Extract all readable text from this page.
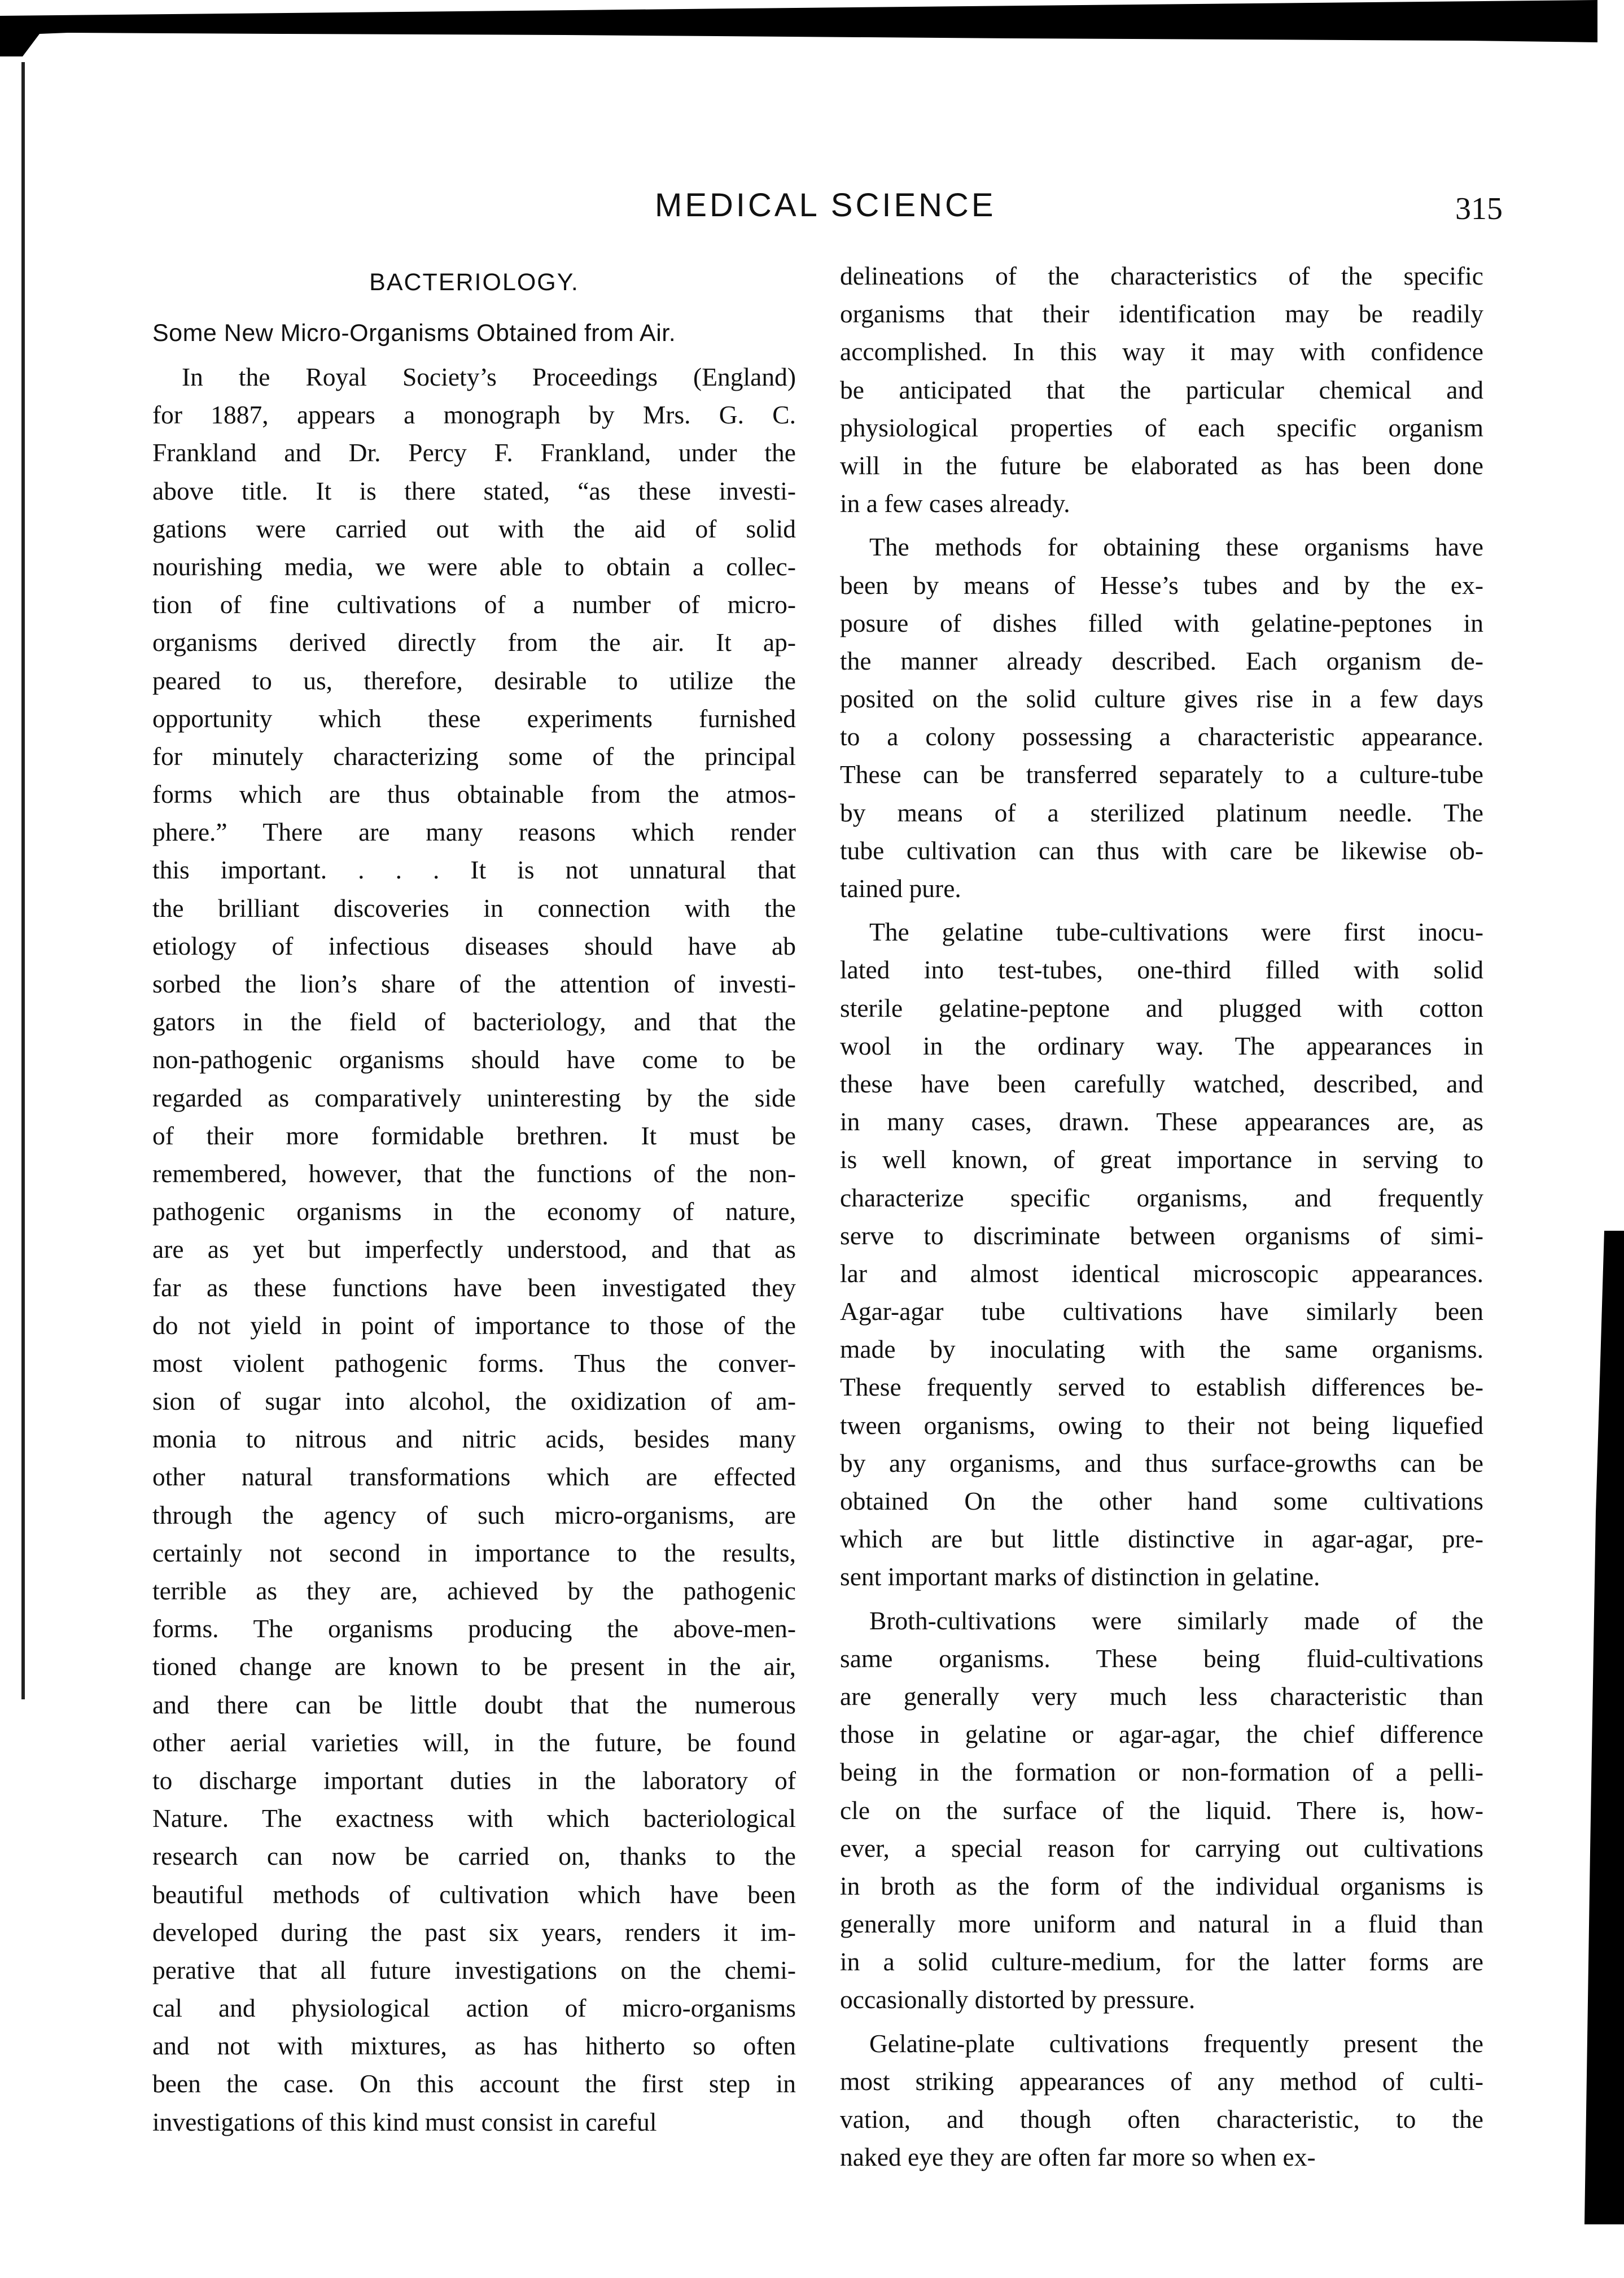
MEDICAL SCIENCE	315
BACTERIOLOGY.
Some New Micro-Organisms Obtained from Air.
In the Royal Society’s Proceedings (England)
for 1887, appears a monograph by Mrs. G. C.
Frankland and Dr. Percy F. Frankland, under the
above title. It is there stated, “as these investi-
gations were carried out with the aid of solid
nourishing media, we were able to obtain a collec-
tion of fine cultivations of a number of micro-
organisms derived directly from the air. It ap-
peared to us, therefore, desirable to utilize the
opportunity which these experiments furnished
for minutely characterizing some of the principal
forms which are thus obtainable from the atmos-
phere.” There are many reasons which render
this important. . . . It is not unnatural that
the brilliant discoveries in connection with the
etiology of infectious diseases should have ab
sorbed the lion’s share of the attention of investi-
gators in the field of bacteriology, and that the
non-pathogenic organisms should have come to be
regarded as comparatively uninteresting by the side
of their more formidable brethren. It must be
remembered, however, that the functions of the non-
pathogenic organisms in the economy of nature,
are as yet but imperfectly understood, and that as
far as these functions have been investigated they
do not yield in point of importance to those of the
most violent pathogenic forms. Thus the conver-
sion of sugar into alcohol, the oxidization of am-
monia to nitrous and nitric acids, besides many
other natural transformations which are effected
through the agency of such micro-organisms, are
certainly not second in importance to the results,
terrible as they are, achieved by the pathogenic
forms. The organisms producing the above-men-
tioned change are known to be present in the air,
and there can be little doubt that the numerous
other aerial varieties will, in the future, be found
to discharge important duties in the laboratory of
Nature. The exactness with which bacteriological
research can now be carried on, thanks to the
beautiful methods of cultivation which have been
developed during the past six years, renders it im-
perative that all future investigations on the chemi-
cal and physiological action of micro-organisms
and not with mixtures, as has hitherto so often
been the case. On this account the first step in
investigations of this kind must consist in careful
delineations of the characteristics of the specific
organisms that their identification may be readily
accomplished. In this way it may with confidence
be anticipated that the particular chemical and
physiological properties of each specific organism
will in the future be elaborated as has been done
in a few cases already.
The methods for obtaining these organisms have
been by means of Hesse’s tubes and by the ex-
posure of dishes filled with gelatine-peptones in
the manner already described. Each organism de-
posited on the solid culture gives rise in a few days
to a colony possessing a characteristic appearance.
These can be transferred separately to a culture-tube
by means of a sterilized platinum needle. The
tube cultivation can thus with care be likewise ob-
tained pure.
The gelatine tube-cultivations were first inocu-
lated into test-tubes, one-third filled with solid
sterile gelatine-peptone and plugged with cotton
wool in the ordinary way. The appearances in
these have been carefully watched, described, and
in many cases, drawn. These appearances are, as
is well known, of great importance in serving to
characterize specific organisms, and frequently
serve to discriminate between organisms of simi-
lar and almost identical microscopic appearances.
Agar-agar tube cultivations have similarly been
made by inoculating with the same organisms.
These frequently served to establish differences be-
tween organisms, owing to their not being liquefied
by any organisms, and thus surface-growths can be
obtained On the other hand some cultivations
which are but little distinctive in agar-agar, pre-
sent important marks of distinction in gelatine.
Broth-cultivations were similarly made of the
same organisms. These being fluid-cultivations
are generally very much less characteristic than
those in gelatine or agar-agar, the chief difference
being in the formation or non-formation of a pelli-
cle on the surface of the liquid. There is, how-
ever, a special reason for carrying out cultivations
in broth as the form of the individual organisms is
generally more uniform and natural in a fluid than
in a solid culture-medium, for the latter forms are
occasionally distorted by pressure.
Gelatine-plate cultivations frequently present the
most striking appearances of any method of culti-
vation, and though often characteristic, to the
naked eye they are often far more so when ex-
